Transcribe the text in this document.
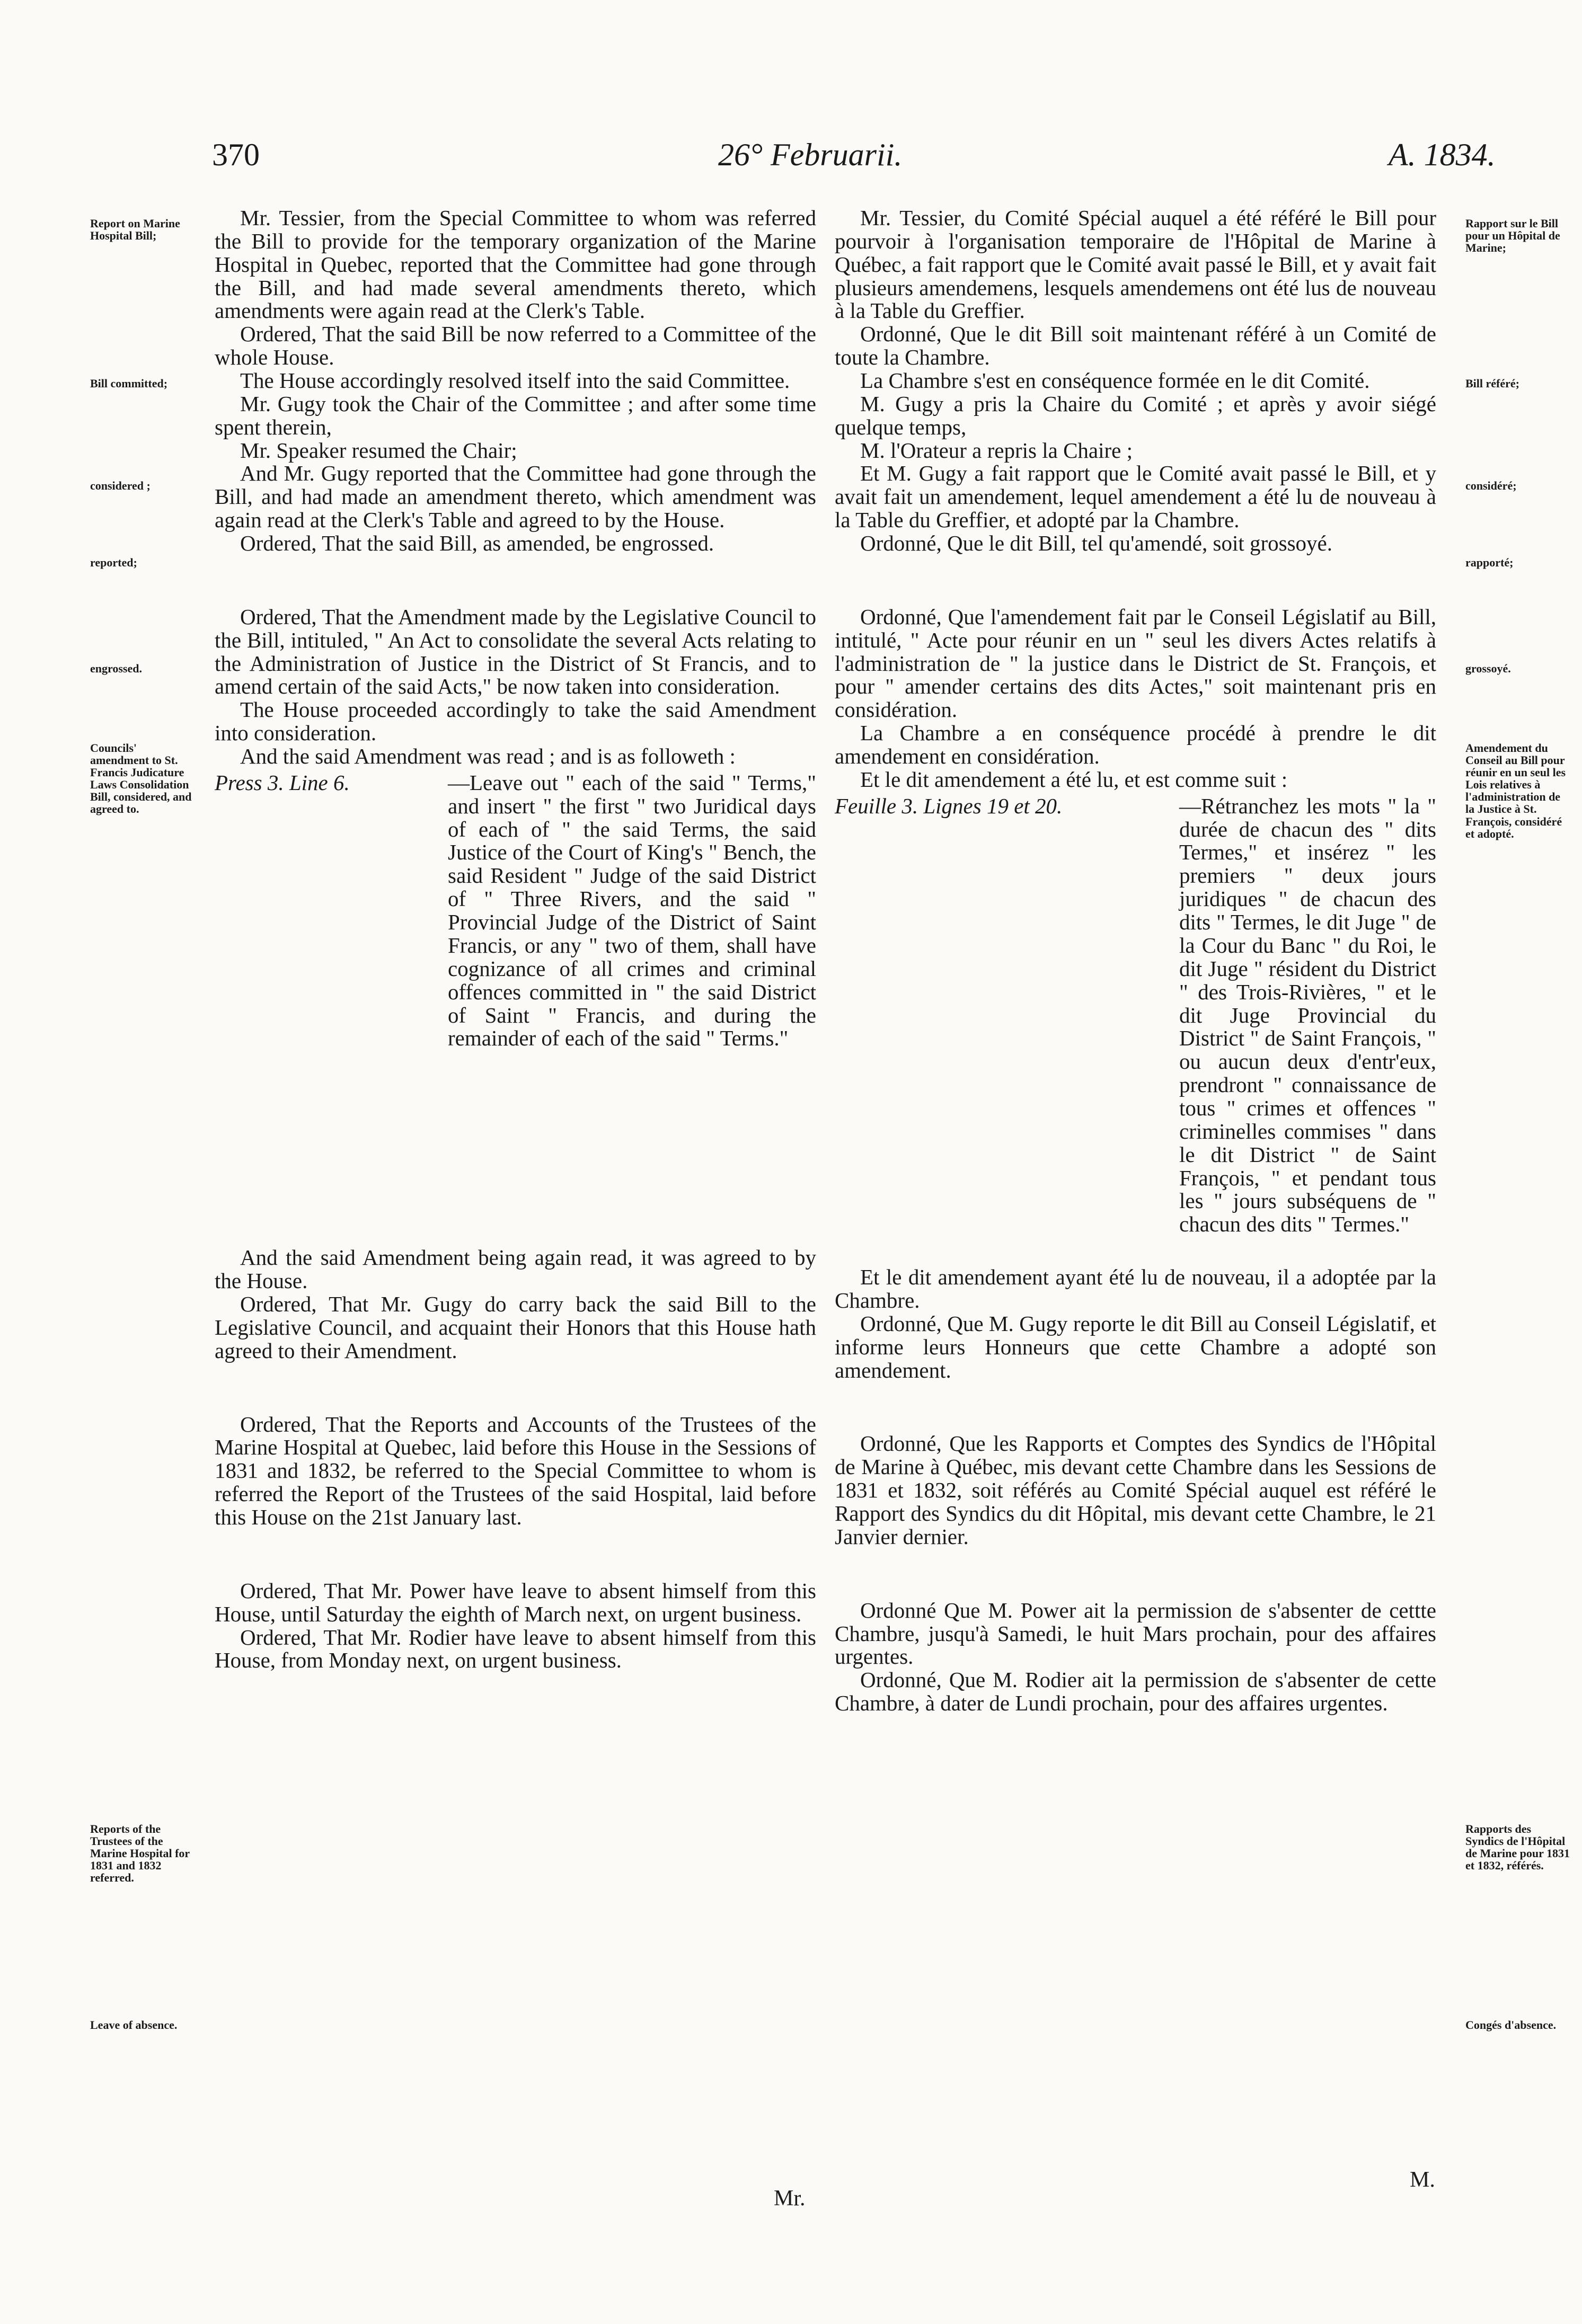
370	26° Februarii.	A. 1834.
Report on Marine Hospital Bill;
Bill committed;
considered ;
reported;
engrossed.
Councils' amendment to St. Francis Judicature Laws Consolidation Bill, considered, and agreed to.
Reports of the Trustees of the Marine Hospital for 1831 and 1832 referred.
Leave of absence.
Rapport sur le Bill pour un Hôpital de Marine;
Bill référé;
considéré;
rapporté;
grossoyé.
Amendement du Conseil au Bill pour réunir en un seul les Lois relatives à l'administration de la Justice à St. François, considéré et adopté.
Rapports des Syndics de l'Hôpital de Marine pour 1831 et 1832, référés.
Congés d'absence.

Mr. Tessier, from the Special Committee to whom was referred the Bill to provide for the temporary organization of the Marine Hospital in Quebec, reported that the Committee had gone through the Bill, and had made several amendments thereto, which amendments were again read at the Clerk's Table.

Ordered, That the said Bill be now referred to a Committee of the whole House.

The House accordingly resolved itself into the said Committee.

Mr. Gugy took the Chair of the Committee ; and after some time spent therein,

Mr. Speaker resumed the Chair;

And Mr. Gugy reported that the Committee had gone through the Bill, and had made an amendment thereto, which amendment was again read at the Clerk's Table and agreed to by the House.

Ordered, That the said Bill, as amended, be engrossed.

Ordered, That the Amendment made by the Legislative Council to the Bill, intituled, " An Act to consolidate the several Acts relating to the Administration of Justice in the District of St Francis, and to amend certain of the said Acts," be now taken into consideration.

The House proceeded accordingly to take the said Amendment into consideration.

And the said Amendment was read ; and is as followeth :

Press 3. Line 6.	—Leave out " each of the said " Terms," and insert " the first " two Juridical days of each of " the said Terms, the said Justice of the Court of King's " Bench, the said Resident " Judge of the said District of " Three Rivers, and the said " Provincial Judge of the District of Saint Francis, or any " two of them, shall have cognizance of all crimes and criminal offences committed in " the said District of Saint " Francis, and during the remainder of each of the said " Terms."

And the said Amendment being again read, it was agreed to by the House.

Ordered, That Mr. Gugy do carry back the said Bill to the Legislative Council, and acquaint their Honors that this House hath agreed to their Amendment.

Ordered, That the Reports and Accounts of the Trustees of the Marine Hospital at Quebec, laid before this House in the Sessions of 1831 and 1832, be referred to the Special Committee to whom is referred the Report of the Trustees of the said Hospital, laid before this House on the 21st January last.

Ordered, That Mr. Power have leave to absent himself from this House, until Saturday the eighth of March next, on urgent business.

Ordered, That Mr. Rodier have leave to absent himself from this House, from Monday next, on urgent business.

Mr. Tessier, du Comité Spécial auquel a été référé le Bill pour pourvoir à l'organisation temporaire de l'Hôpital de Marine à Québec, a fait rapport que le Comité avait passé le Bill, et y avait fait plusieurs amendemens, lesquels amendemens ont été lus de nouveau à la Table du Greffier.

Ordonné, Que le dit Bill soit maintenant référé à un Comité de toute la Chambre.

La Chambre s'est en conséquence formée en le dit Comité.

M. Gugy a pris la Chaire du Comité ; et après y avoir siégé quelque temps,

M. l'Orateur a repris la Chaire ;

Et M. Gugy a fait rapport que le Comité avait passé le Bill, et y avait fait un amendement, lequel amendement a été lu de nouveau à la Table du Greffier, et adopté par la Chambre.

Ordonné, Que le dit Bill, tel qu'amendé, soit grossoyé.

Ordonné, Que l'amendement fait par le Conseil Législatif au Bill, intitulé, " Acte pour réunir en un " seul les divers Actes relatifs à l'administration de " la justice dans le District de St. François, et pour " amender certains des dits Actes," soit maintenant pris en considération.

La Chambre a en conséquence procédé à prendre le dit amendement en considération.

Et le dit amendement a été lu, et est comme suit :

Feuille 3. Lignes 19 et 20.	—Rétranchez les mots " la " durée de chacun des " dits Termes," et insérez " les premiers " deux jours juridiques " de chacun des dits " Termes, le dit Juge " de la Cour du Banc " du Roi, le dit Juge " résident du District " des Trois-Rivières, " et le dit Juge Provincial du District " de Saint François, " ou aucun deux d'entr'eux, prendront " connaissance de tous " crimes et offences " criminelles commises " dans le dit District " de Saint François, " et pendant tous les " jours subséquens de " chacun des dits " Termes."

Et le dit amendement ayant été lu de nouveau, il a adoptée par la Chambre.

Ordonné, Que M. Gugy reporte le dit Bill au Conseil Législatif, et informe leurs Honneurs que cette Chambre a adopté son amendement.

Ordonné, Que les Rapports et Comptes des Syndics de l'Hôpital de Marine à Québec, mis devant cette Chambre dans les Sessions de 1831 et 1832, soit référés au Comité Spécial auquel est référé le Rapport des Syndics du dit Hôpital, mis devant cette Chambre, le 21 Janvier dernier.

Ordonné Que M. Power ait la permission de s'absenter de cettte Chambre, jusqu'à Samedi, le huit Mars prochain, pour des affaires urgentes.

Ordonné, Que M. Rodier ait la permission de s'absenter de cette Chambre, à dater de Lundi prochain, pour des affaires urgentes.

Mr.
M.
